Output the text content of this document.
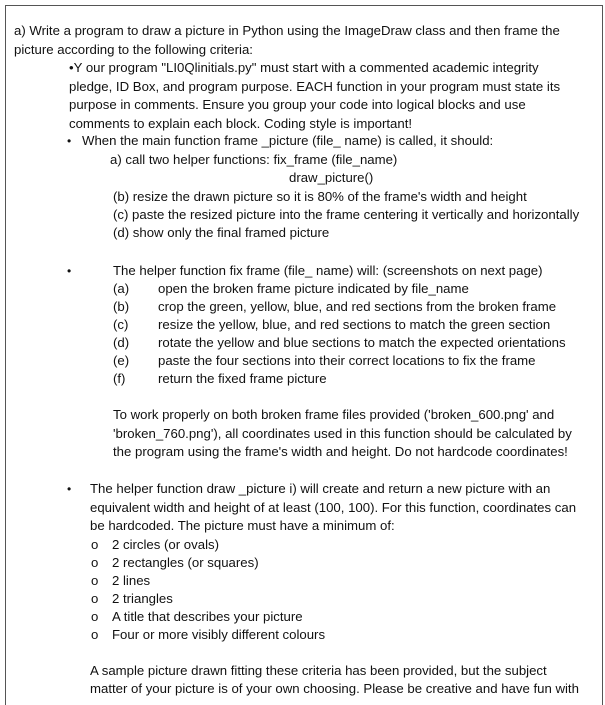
a) Write a program to draw a picture in Python using the ImageDraw class and then frame the
picture according to the following criteria:
•Y our program "LI0Qlinitials.py" must start with a commented academic integrity
pledge, ID Box, and program purpose. EACH function in your program must state its
purpose in comments. Ensure you group your code into logical blocks and use
comments to explain each block. Coding style is important!
• When the main function frame _picture (file_ name) is called, it should:
a) call two helper functions: fix_frame (file_name)
draw_picture()
(b) resize the drawn picture so it is 80% of the frame's width and height
(c) paste the resized picture into the frame centering it vertically and horizontally
(d) show only the final framed picture
•	The helper function fix frame (file_ name) will: (screenshots on next page)
(a) open the broken frame picture indicated by file_name
(b) crop the green, yellow, blue, and red sections from the broken frame
(c) resize the yellow, blue, and red sections to match the green section
(d) rotate the yellow and blue sections to match the expected orientations
(e) paste the four sections into their correct locations to fix the frame
(f) return the fixed frame picture
To work properly on both broken frame files provided ('broken_600.png' and
'broken_760.png'), all coordinates used in this function should be calculated by
the program using the frame's width and height. Do not hardcode coordinates!
• The helper function draw _picture i) will create and return a new picture with an
equivalent width and height of at least (100, 100). For this function, coordinates can
be hardcoded. The picture must have a minimum of:
o 2 circles (or ovals)
o 2 rectangles (or squares)
o 2 lines
o 2 triangles
o A title that describes your picture
o Four or more visibly different colours
A sample picture drawn fitting these criteria has been provided, but the subject
matter of your picture is of your own choosing. Please be creative and have fun with
